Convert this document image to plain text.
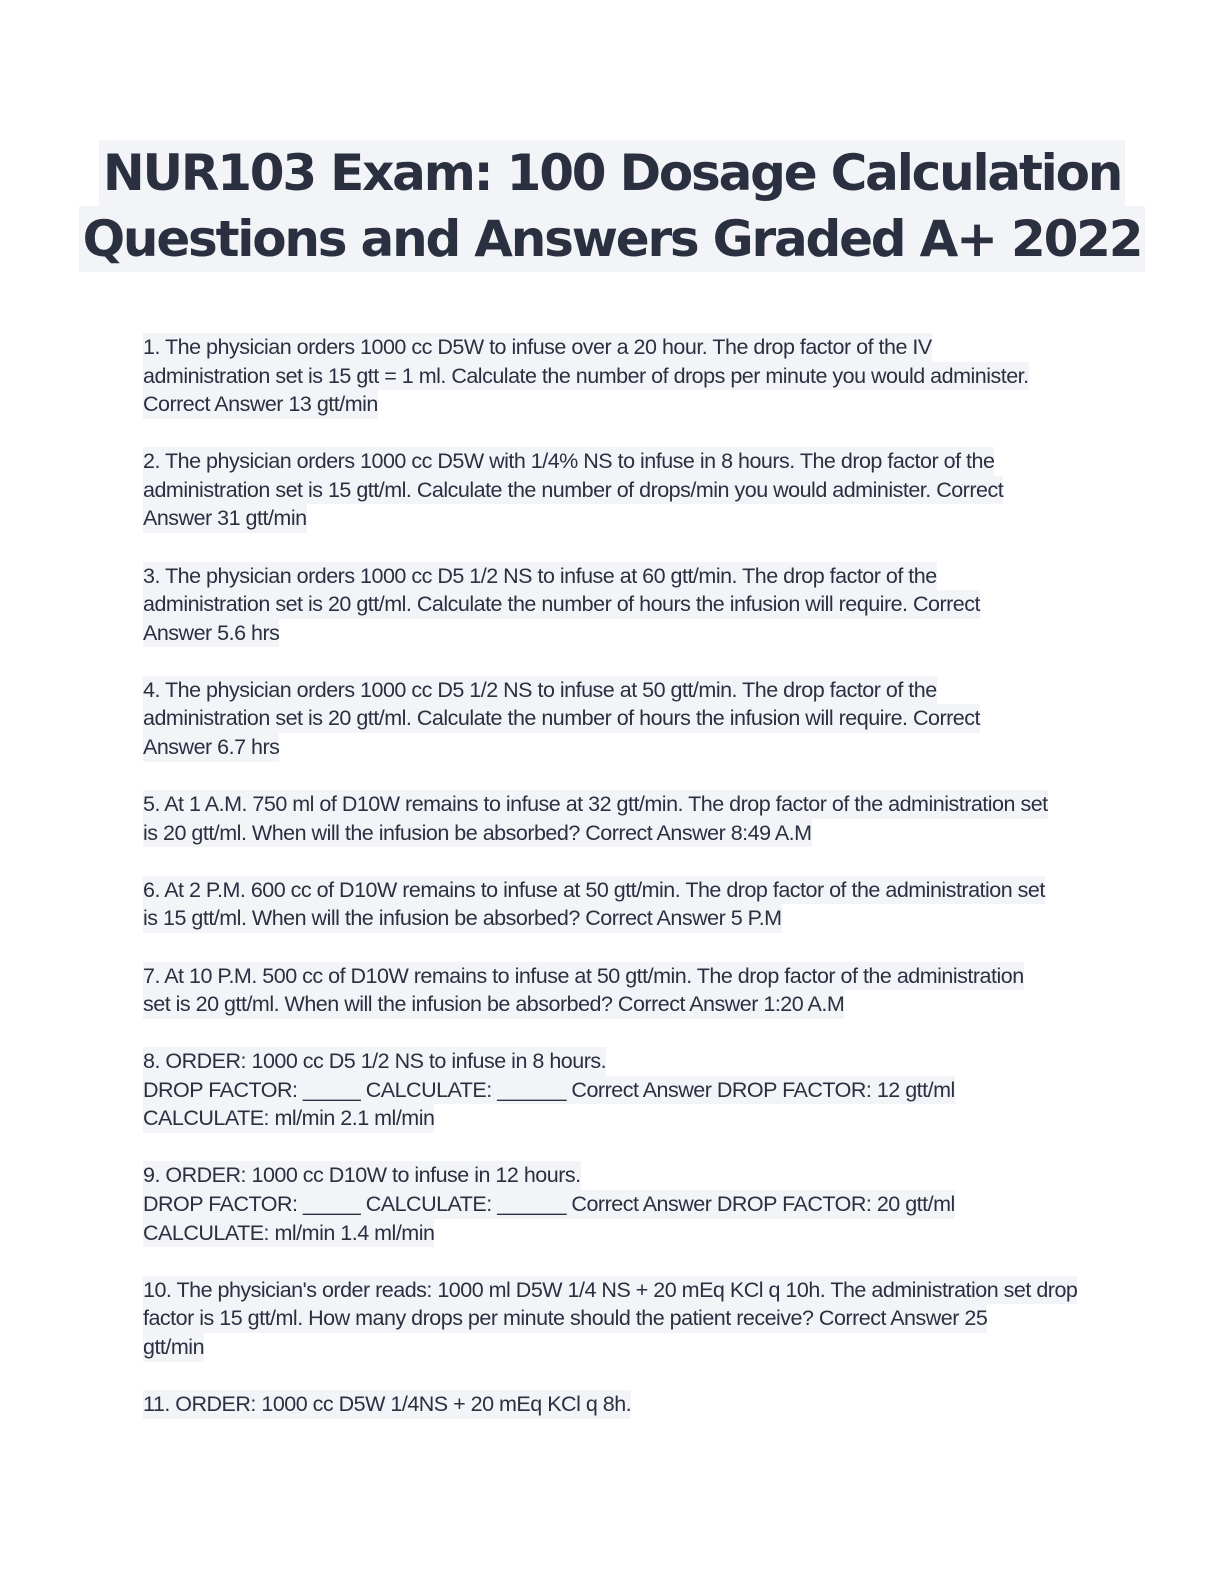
NUR103 Exam: 100 Dosage Calculation
Questions and Answers Graded A+ 2022
1. The physician orders 1000 cc D5W to infuse over a 20 hour. The drop factor of the IV
administration set is 15 gtt = 1 ml. Calculate the number of drops per minute you would administer.
Correct Answer 13 gtt/min
2. The physician orders 1000 cc D5W with 1/4% NS to infuse in 8 hours. The drop factor of the
administration set is 15 gtt/ml. Calculate the number of drops/min you would administer. Correct
Answer 31 gtt/min
3. The physician orders 1000 cc D5 1/2 NS to infuse at 60 gtt/min. The drop factor of the
administration set is 20 gtt/ml. Calculate the number of hours the infusion will require. Correct
Answer 5.6 hrs
4. The physician orders 1000 cc D5 1/2 NS to infuse at 50 gtt/min. The drop factor of the
administration set is 20 gtt/ml. Calculate the number of hours the infusion will require. Correct
Answer 6.7 hrs
5. At 1 A.M. 750 ml of D10W remains to infuse at 32 gtt/min. The drop factor of the administration set
is 20 gtt/ml. When will the infusion be absorbed? Correct Answer 8:49 A.M
6. At 2 P.M. 600 cc of D10W remains to infuse at 50 gtt/min. The drop factor of the administration set
is 15 gtt/ml. When will the infusion be absorbed? Correct Answer 5 P.M
7. At 10 P.M. 500 cc of D10W remains to infuse at 50 gtt/min. The drop factor of the administration
set is 20 gtt/ml. When will the infusion be absorbed? Correct Answer 1:20 A.M
8. ORDER: 1000 cc D5 1/2 NS to infuse in 8 hours.
DROP FACTOR: _____ CALCULATE: ______ Correct Answer DROP FACTOR: 12 gtt/ml
CALCULATE: ml/min 2.1 ml/min
9. ORDER: 1000 cc D10W to infuse in 12 hours.
DROP FACTOR: _____ CALCULATE: ______ Correct Answer DROP FACTOR: 20 gtt/ml
CALCULATE: ml/min 1.4 ml/min
10. The physician's order reads: 1000 ml D5W 1/4 NS + 20 mEq KCl q 10h. The administration set drop
factor is 15 gtt/ml. How many drops per minute should the patient receive? Correct Answer 25
gtt/min
11. ORDER: 1000 cc D5W 1/4NS + 20 mEq KCl q 8h.
